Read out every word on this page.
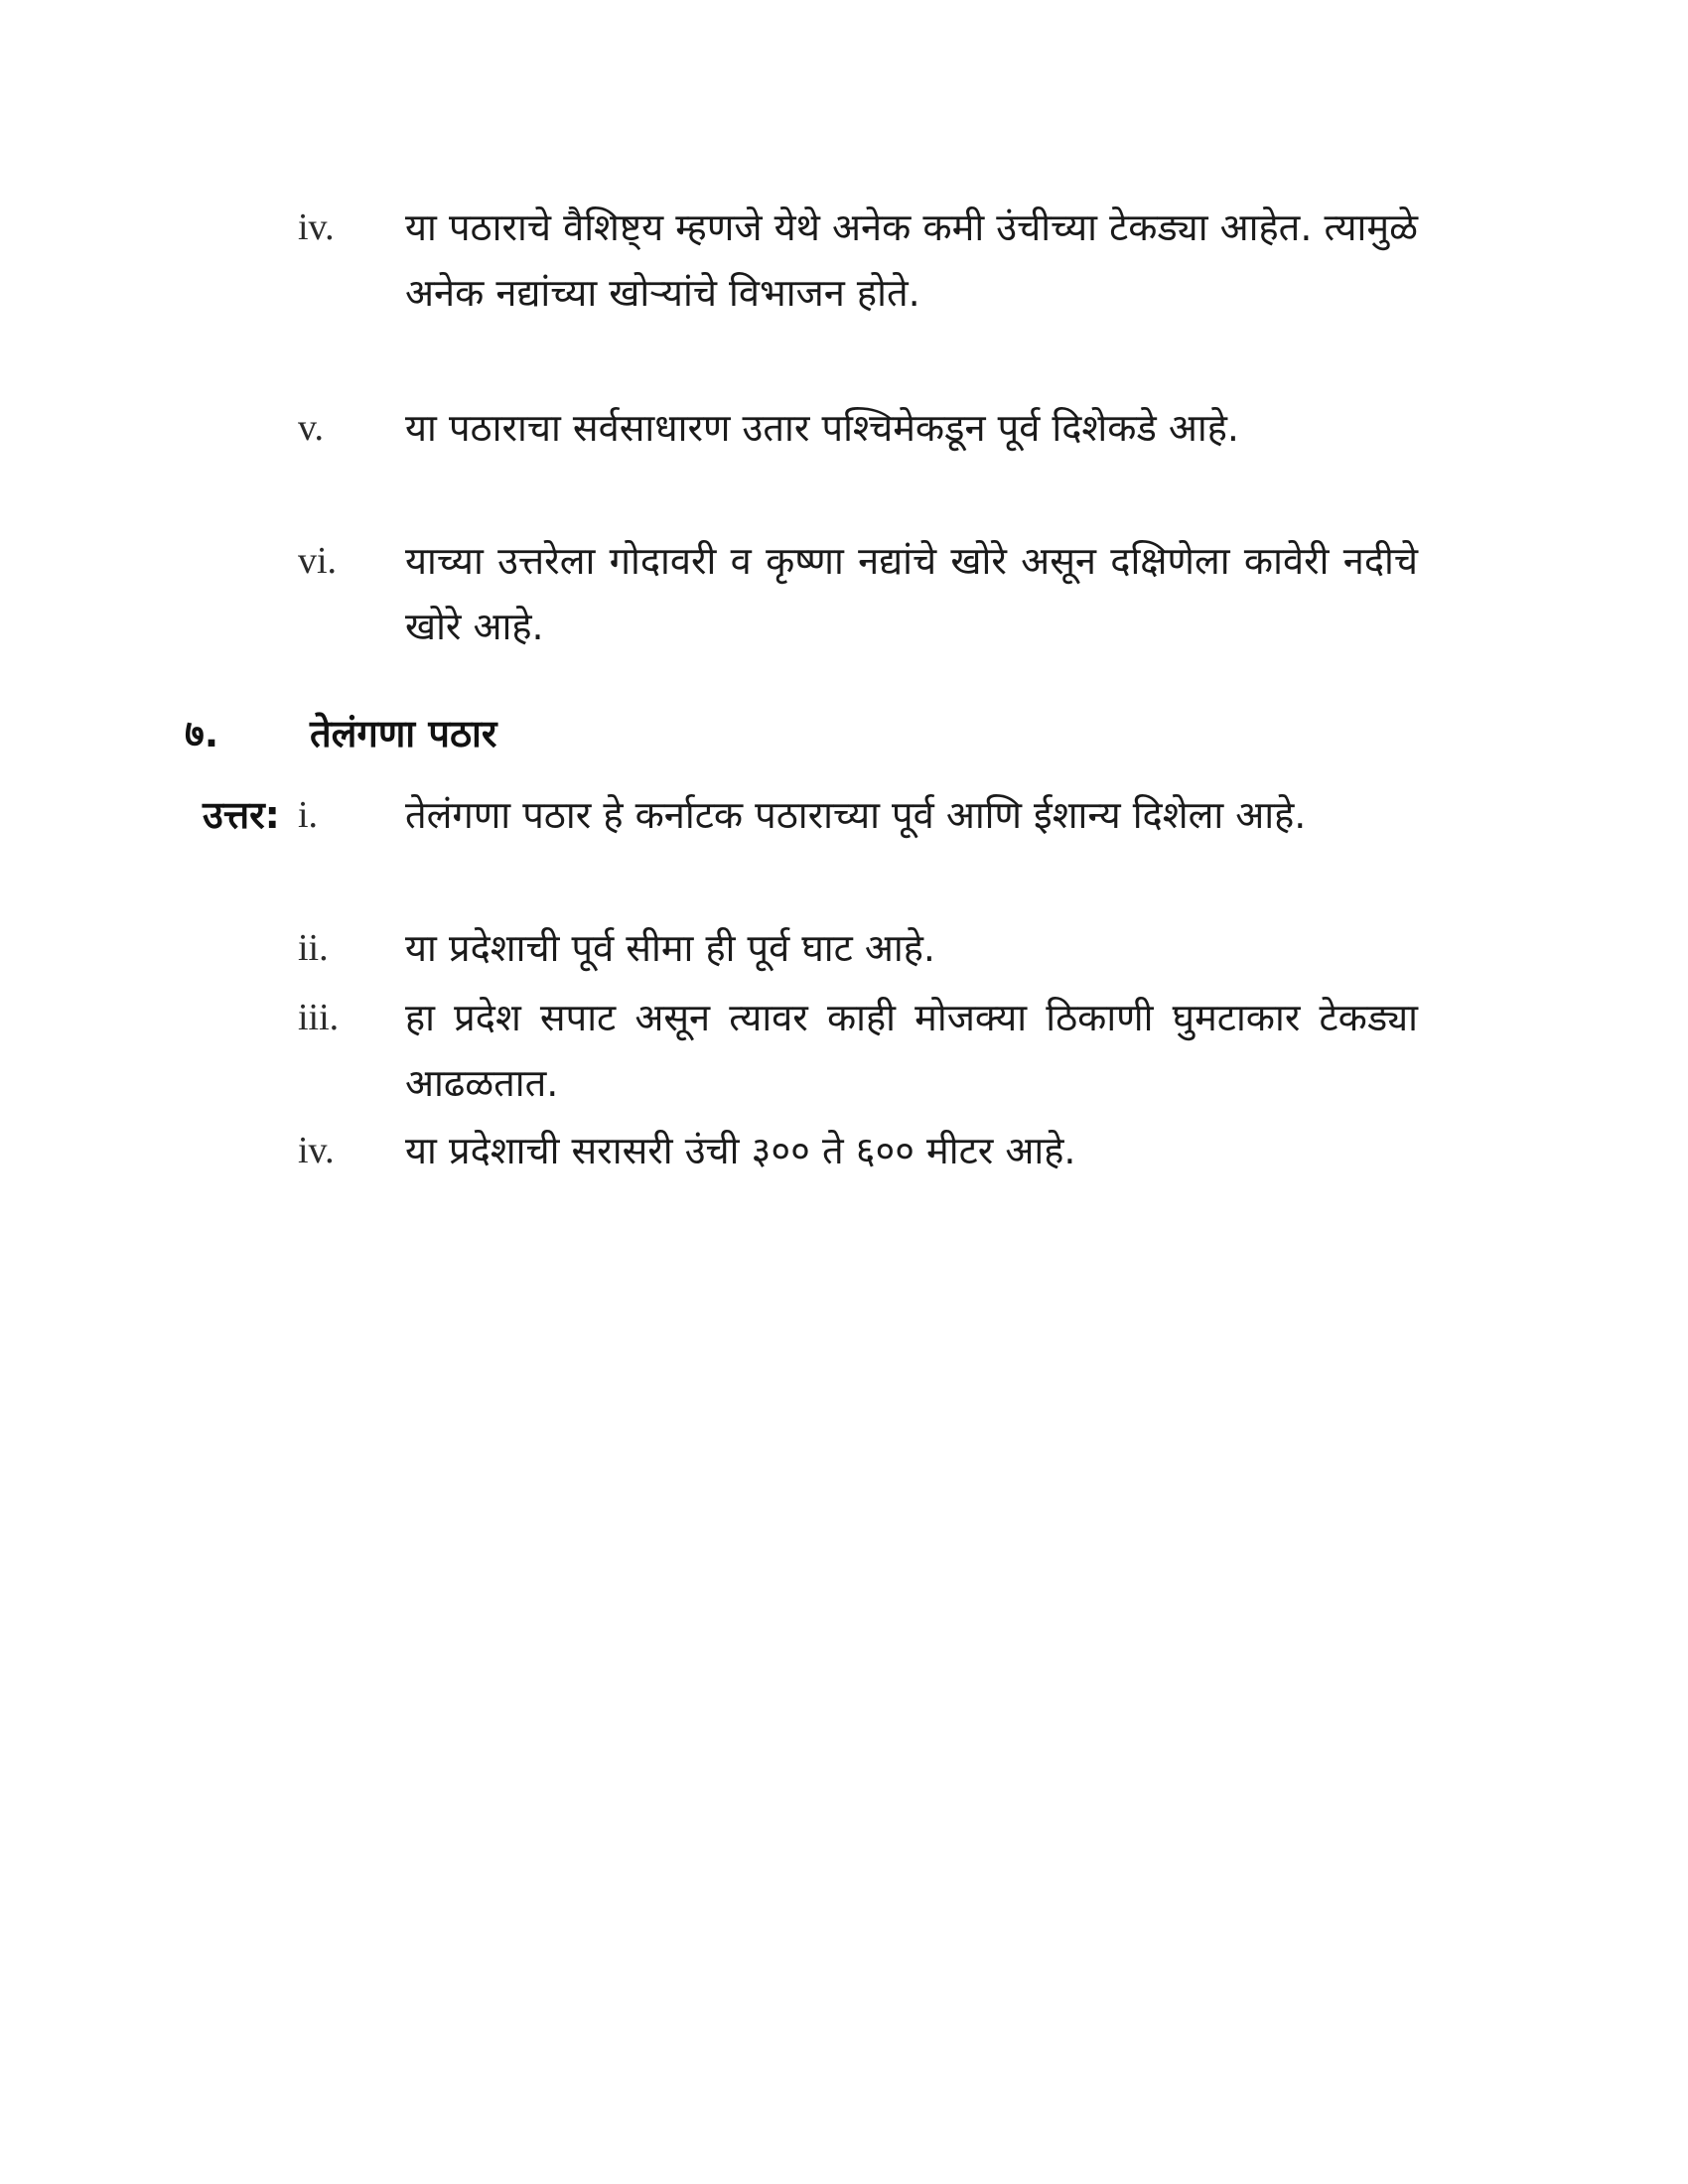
iv.	या पठाराचे वैशिष्ट्य म्हणजे येथे अनेक कमी उंचीच्या टेकड्या आहेत. त्यामुळे अनेक नद्यांच्या खोऱ्यांचे विभाजन होते.
v.	या पठाराचा सर्वसाधारण उतार पश्चिमेकडून पूर्व दिशेकडे आहे.
vi.	याच्या उत्तरेला गोदावरी व कृष्णा नद्यांचे खोरे असून दक्षिणेला कावेरी नदीचे खोरे आहे.
७. तेलंगणा पठार
उत्तर: i.	तेलंगणा पठार हे कर्नाटक पठाराच्या पूर्व आणि ईशान्य दिशेला आहे.
ii.	या प्रदेशाची पूर्व सीमा ही पूर्व घाट आहे.
iii.	हा प्रदेश सपाट असून त्यावर काही मोजक्या ठिकाणी घुमटाकार टेकड्या आढळतात.
iv.	या प्रदेशाची सरासरी उंची ३०० ते ६०० मीटर आहे.
